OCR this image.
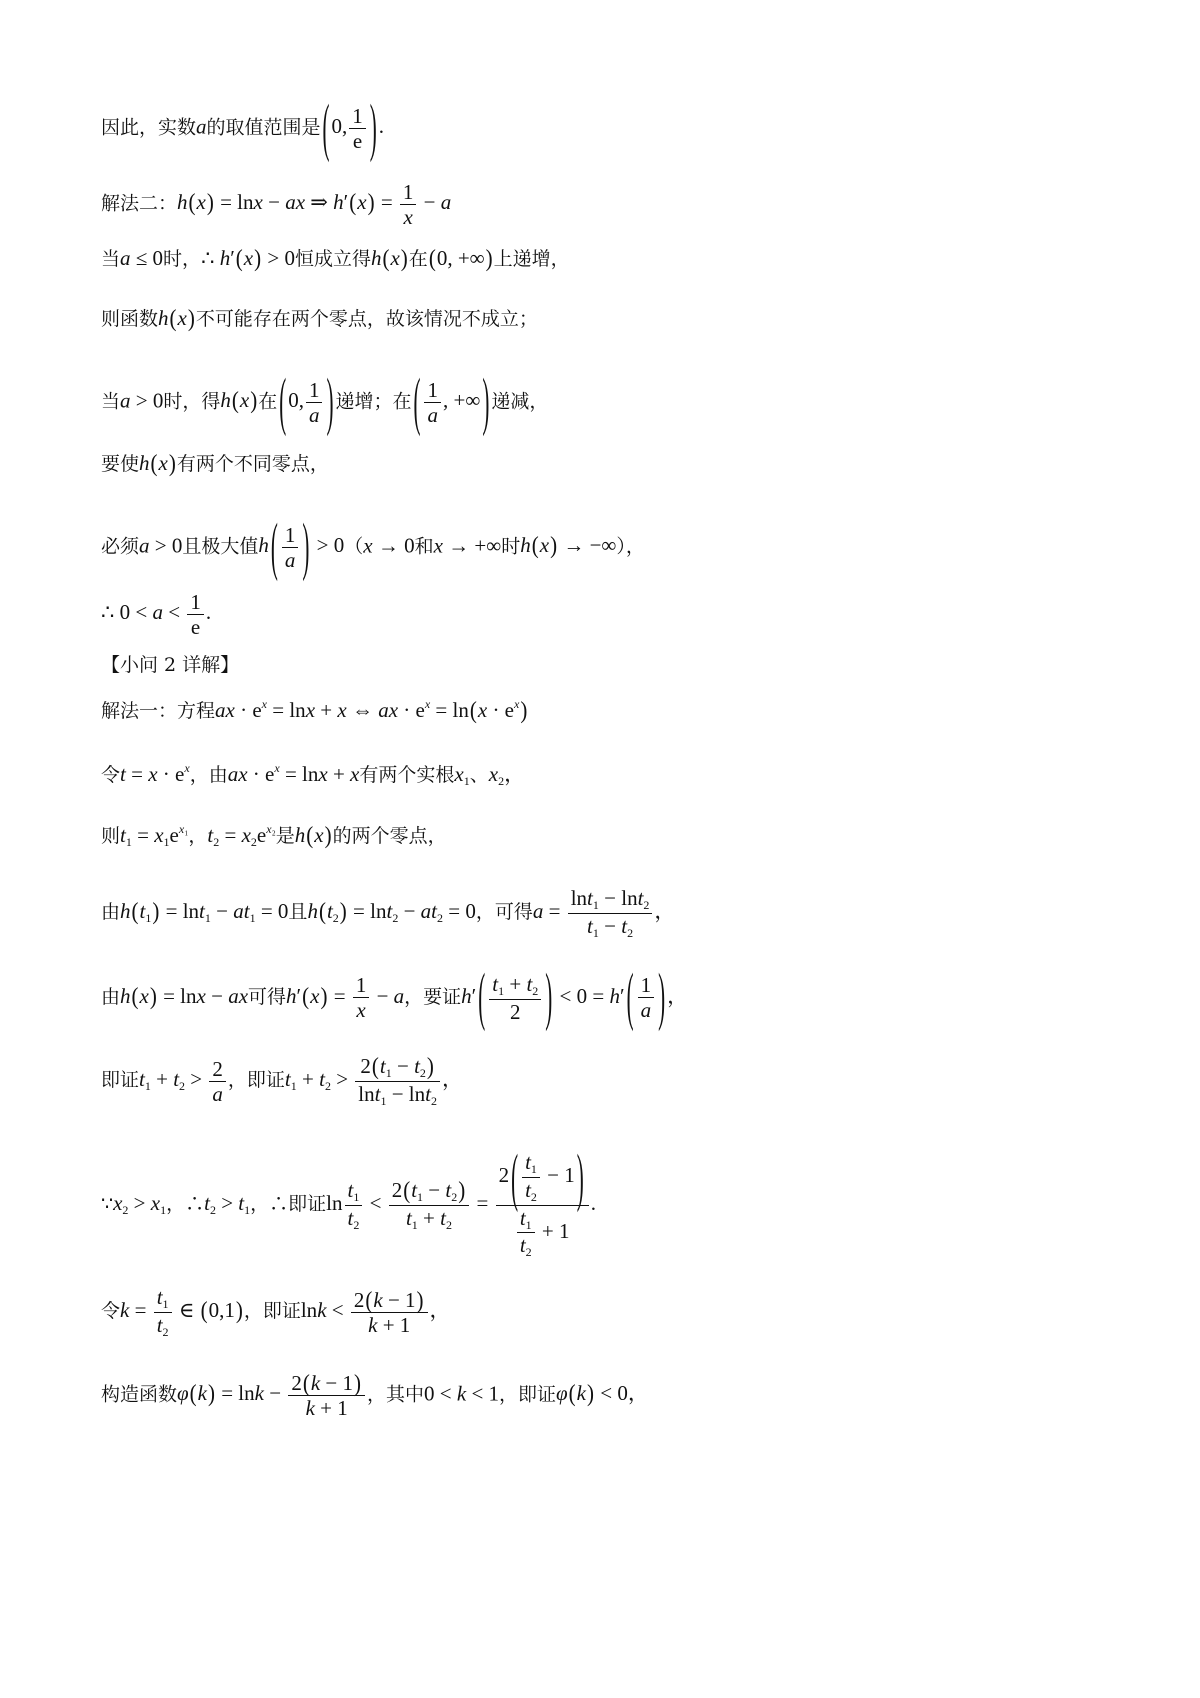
因此，实数a的取值范围是(0, $\frac{1}{e}$ ).
解法二：h(x) = lnx − ax ⇒ $h'(x) = \frac{1}{x} - a$
当a ≤ 0时，∴ h′(x) > 0恒成立得h(x)在(0, +∞)上递增，
则函数h(x)不可能存在两个零点，故该情况不成立；
当a > 0时，得h(x)在(0, $\frac{1}{a}$ ) 递增；在( $\frac{1}{a}$ , +∞) 递减，
要使h(x)有两个不同零点，
必须a > 0且极大值$h( \frac{1}{a}$ ) > 0（x → 0和x → +∞时h(x) → −∞），
∴ $0 < a < \frac{1}{e}$ .
【小问 2 详解】
解法一：方程ax · $e^x = \ln x + x$ ⇔ ax · $e^x = \ln(x \cdot e^x)$
令$t = x \cdot e^x$，由ax · $e^x = \ln x + x$有两个实根$x_1$、$x_2$，
则$t_1 = x_1e^{x_1}$，$t_2 = x_2e^{x_2}$是h(x)的两个零点，
由$h(t_1) = \ln t_1 - at_1 = 0$且$h(t_2) = \ln t_2 - at_2 = 0$，可得$a = \frac{\ln t_1 - \ln t_2}{t_1 - t_2}$ ，
由h(x) = lnx − ax可得$h'(x) = \frac{1}{x} - a$，要证$h'( \frac{t_1 + t_2}{2}$ ) < $0 = h'( \frac{1}{a}$ )，
即证$t_1 + t_2 > \frac{2}{a}$ ，即证$t_1 + t_2 > \frac{2(t_1 - t_2)}{\ln t_1 - \ln t_2}$ ，
$\because x_2 > x_1$，$\therefore t_2 > t_1$，∴即证$\ln \frac{t_1}{t_2} < \frac{2(t_1 - t_2)}{t_1 + t_2} = \frac{2( \frac{t_1}{t_2} - 1)}{\frac{t_1}{t_2} + 1}$ .
令$k = \frac{t_1}{t_2}$ ∈ (0,1)，即证$\ln k < \frac{2(k - 1)}{k + 1}$ ，
构造函数$\varphi(k) = \ln k - \frac{2(k - 1)}{k + 1}$ ，其中0 < k < 1，即证φ(k) < 0，
